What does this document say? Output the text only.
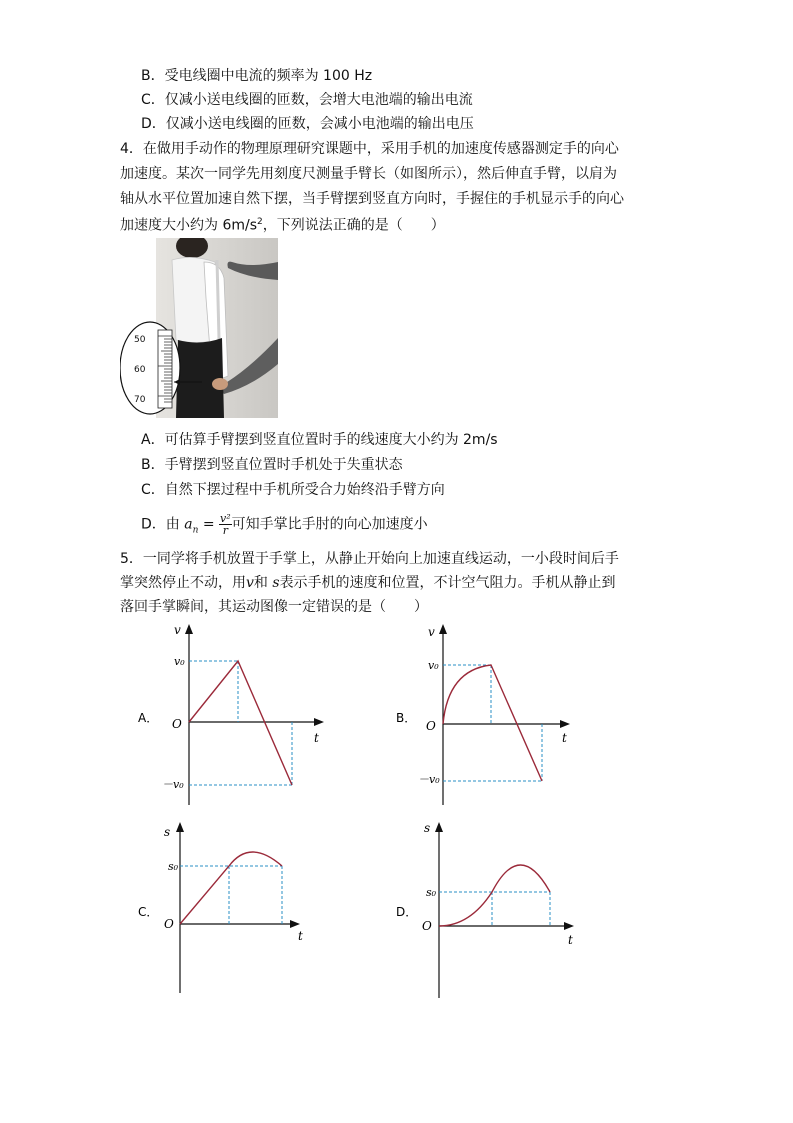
B．受电线圈中电流的频率为 100 Hz
C．仅减小送电线圈的匝数，会增大电池端的输出电流
D．仅减小送电线圈的匝数，会减小电池端的输出电压
4．在做用手动作的物理原理研究课题中，采用手机的加速度传感器测定手的向心
加速度。某次一同学先用刻度尺测量手臂长（如图所示），然后伸直手臂，以肩为
轴从水平位置加速自然下摆，当手臂摆到竖直方向时，手握住的手机显示手的向心
加速度大小约为 $6m/s^2$，下列说法正确的是（　　）
50
60
70
A．可估算手臂摆到竖直位置时手的线速度大小约为 2m/s
B．手臂摆到竖直位置时手机处于失重状态
C．自然下摆过程中手机所受合力始终沿手臂方向
D．由 $a_n = \frac{\text{v²}}{r}$ 可知手掌比手肘的向心加速度小
5．一同学将手机放置于手掌上，从静止开始向上加速直线运动，一小段时间后手
掌突然停止不动，用v和 s表示手机的速度和位置，不计空气阻力。手机从静止到
落回手掌瞬间，其运动图像一定错误的是（　　）
A．
v
t
O
v₀
－v₀
B．
v
t
O
v₀
－v₀
C．
s
t
O
s₀
D．
s
t
O
s₀
